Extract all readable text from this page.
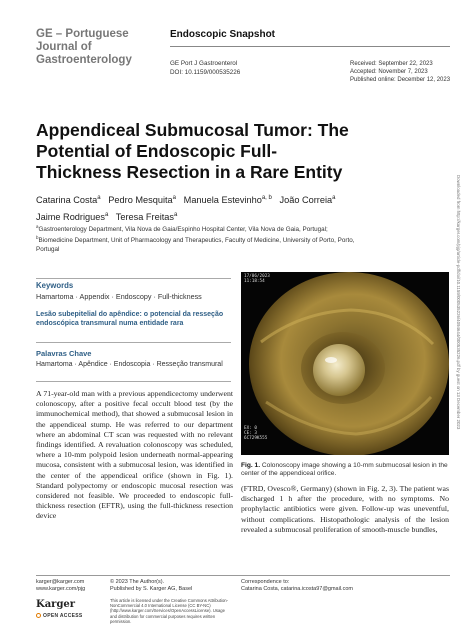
GE – Portuguese Journal of Gastroenterology
Endoscopic Snapshot
GE Port J Gastroenterol
DOI: 10.1159/000535226
Received: September 22, 2023
Accepted: November 7, 2023
Published online: December 12, 2023
Appendiceal Submucosal Tumor: The Potential of Endoscopic Full-Thickness Resection in a Rare Entity
Catarina Costa$^a$ Pedro Mesquita$^a$ Manuela Estevinho$^{a, b}$ João Correia$^a$
Jaime Rodrigues$^a$ Teresa Freitas$^a$
$^a$Gastroenterology Department, Vila Nova de Gaia/Espinho Hospital Center, Vila Nova de Gaia, Portugal;
$^b$Biomedicine Department, Unit of Pharmacology and Therapeutics, Faculty of Medicine, University of Porto, Porto, Portugal	Downloaded from http://karger.com/pjg/article-pdf/doi/10.1159/000535226/4094644/000535226.pdf by guest on 13 December 2023
Keywords
Hamartoma · Appendix · Endoscopy · Full-thickness
Lesão subepitelial do apêndice: o potencial da resseção endoscópica transmural numa entidade rara
Palavras Chave
Hamartoma · Apêndice · Endoscopia · Resseção transmural

A 71-year-old man with a previous appendicectomy underwent colonoscopy, after a positive fecal occult blood test (by the immunochemical method), that showed a submucosal lesion in the appendiceal stump. He was referred to our department where an abdominal CT scan was requested with no relevant findings identified. A revaluation colonoscopy was scheduled, where a 10-mm polypoid lesion underneath normal-appearing mucosa, consistent with a submucosal lesion, was identified in the center of the appendiceal orifice (shown in Fig. 1). Standard polypectomy or endoscopic mucosal resection was considered not feasible. We proceeded to endoscopic full-thickness resection (EFTR), using the full-thickness resection device

17/06/2023
11:18:54
EX: 0
CE: 3
6C729K555
Fig. 1. Colonoscopy image showing a 10-mm submucosal lesion in the center of the appendiceal orifice.

(FTRD, Ovesco®, Germany) (shown in Fig. 2, 3). The patient was discharged 1 h after the procedure, with no symptoms. No prophylactic antibiotics were given. Follow-up was uneventful, without complications. Histopathologic analysis of the lesion revealed a submucosal proliferation of smooth-muscle bundles,

karger@karger.com
www.karger.com/pjg
© 2023 The Author(s).
Published by S. Karger AG, Basel
This article is licensed under the Creative Commons Attribution-NonCommercial 4.0 International License (CC BY-NC) (http://www.karger.com/Services/OpenAccessLicense). Usage and distribution for commercial purposes requires written permission.
Correspondence to:
Catarina Costa, catarina.icosta97@gmail.com
Karger
OPEN ACCESS
